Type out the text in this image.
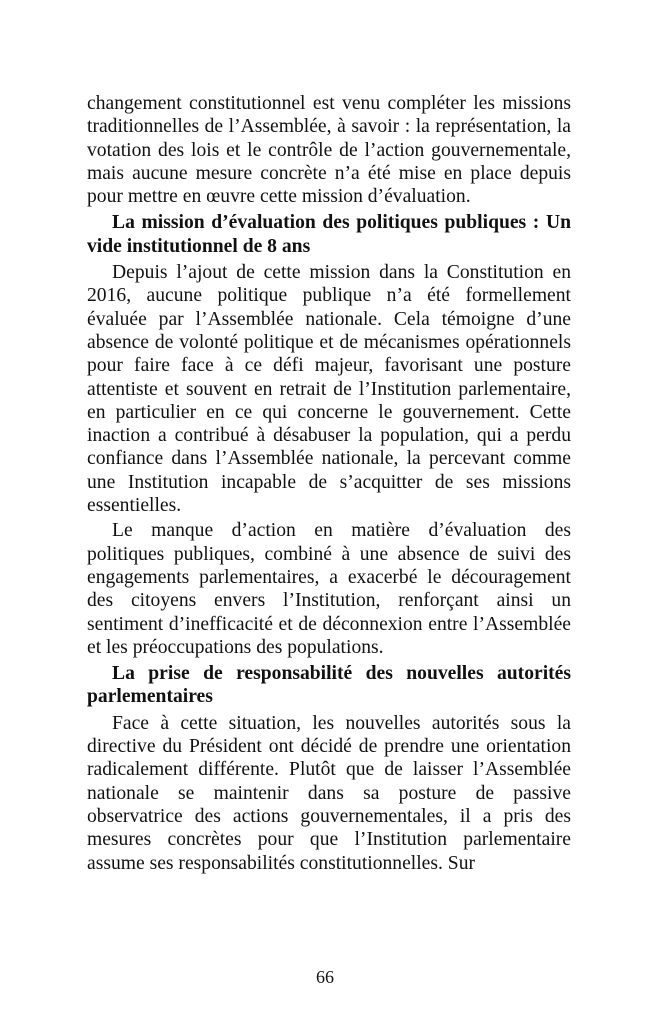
changement constitutionnel est venu compléter les missions traditionnelles de l’Assemblée, à savoir : la représentation, la votation des lois et le contrôle de l’action gouvernementale, mais aucune mesure concrète n’a été mise en place depuis pour mettre en œuvre cette mission d’évaluation.

La mission d’évaluation des politiques publiques : Un vide institutionnel de 8 ans

Depuis l’ajout de cette mission dans la Constitution en 2016, aucune politique publique n’a été formellement évaluée par l’Assemblée nationale. Cela témoigne d’une absence de volonté politique et de mécanismes opérationnels pour faire face à ce défi majeur, favorisant une posture attentiste et souvent en retrait de l’Institution parlementaire, en particulier en ce qui concerne le gouvernement. Cette inaction a contribué à désabuser la population, qui a perdu confiance dans l’Assemblée nationale, la percevant comme une Institution incapable de s’acquitter de ses missions essentielles.

Le manque d’action en matière d’évaluation des politiques publiques, combiné à une absence de suivi des engagements parlementaires, a exacerbé le découragement des citoyens envers l’Institution, renforçant ainsi un sentiment d’inefficacité et de déconnexion entre l’Assemblée et les préoccupations des populations.

La prise de responsabilité des nouvelles autorités parlementaires

Face à cette situation, les nouvelles autorités sous la directive du Président ont décidé de prendre une orientation radicalement différente. Plutôt que de laisser l’Assemblée nationale se maintenir dans sa posture de passive observatrice des actions gouvernementales, il a pris des mesures concrètes pour que l’Institution parlementaire assume ses responsabilités constitutionnelles. Sur

66
